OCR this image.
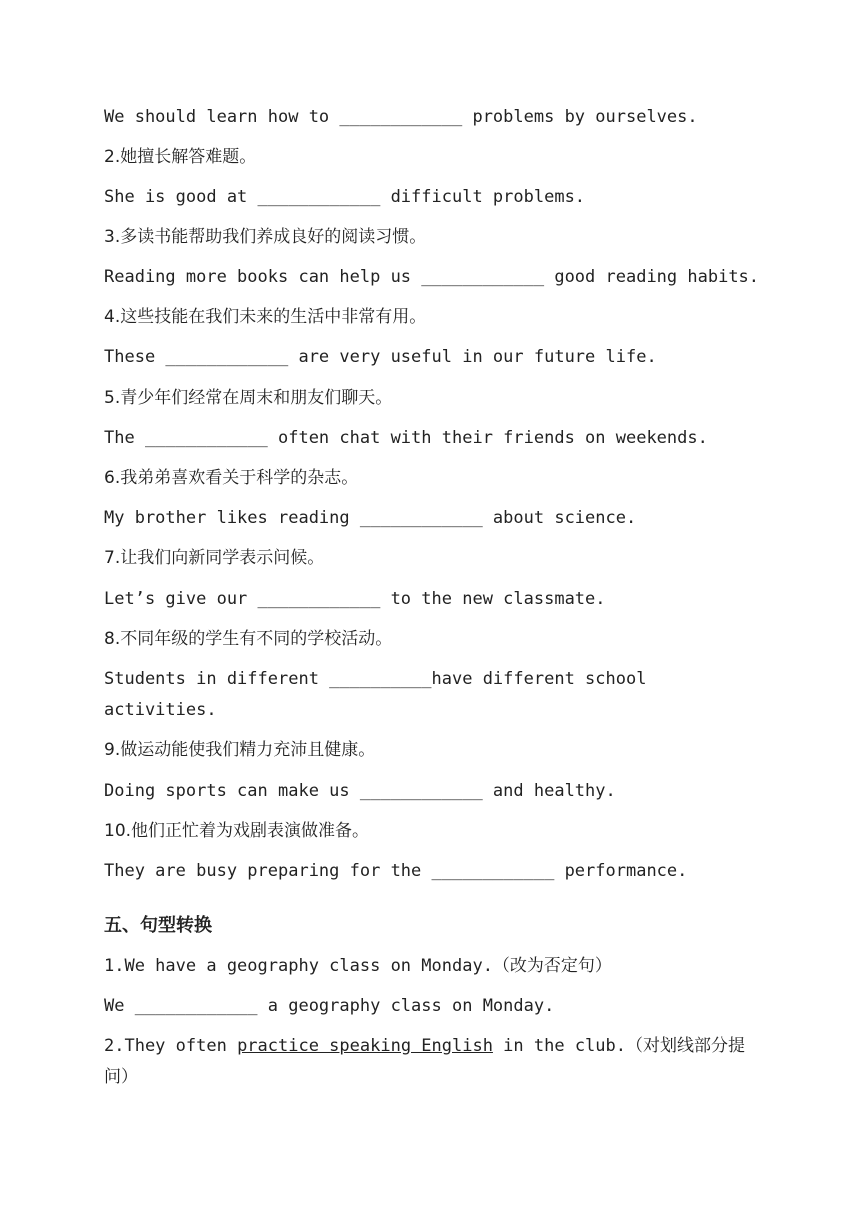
We should learn how to ____________ problems by ourselves.
2.她擅长解答难题。
She is good at ____________ difficult problems.
3.多读书能帮助我们养成良好的阅读习惯。
Reading more books can help us ____________ good reading habits.
4.这些技能在我们未来的生活中非常有用。
These ____________ are very useful in our future life.
5.青少年们经常在周末和朋友们聊天。
The ____________ often chat with their friends on weekends.
6.我弟弟喜欢看关于科学的杂志。
My brother likes reading ____________ about science.
7.让我们向新同学表示问候。
Let’s give our ____________ to the new classmate.
8.不同年级的学生有不同的学校活动。
Students in different __________have different school activities.
9.做运动能使我们精力充沛且健康。
Doing sports can make us ____________ and healthy.
10.他们正忙着为戏剧表演做准备。
They are busy preparing for the ____________ performance.
五、句型转换
1.We have a geography class on Monday.（改为否定句）
We ____________ a geography class on Monday.
2.They often practice speaking English in the club.（对划线部分提问）
